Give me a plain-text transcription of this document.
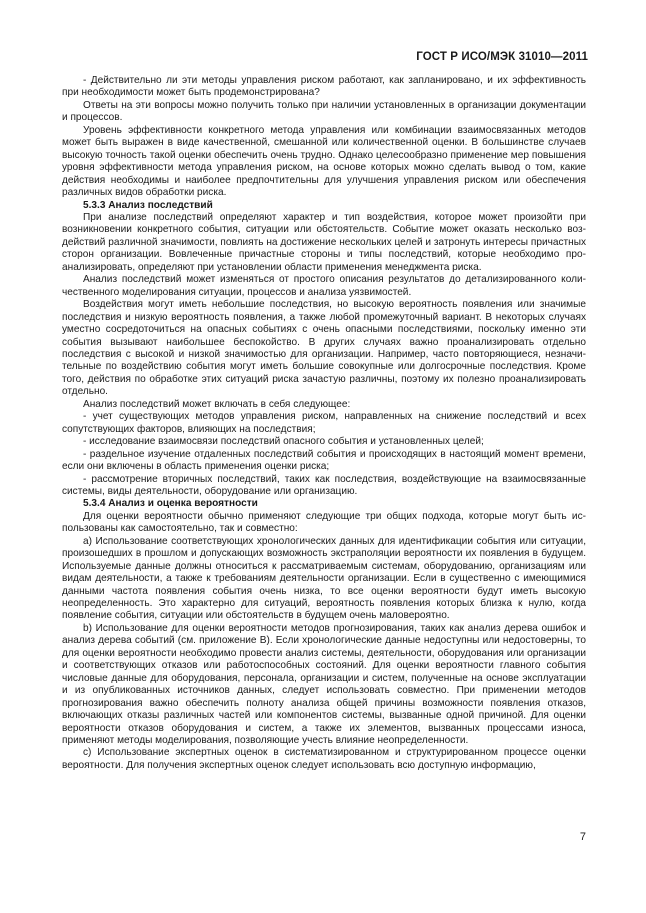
ГОСТ Р ИСО/МЭК 31010—2011

- Действительно ли эти методы управления риском работают, как запланировано, и их эффективность при необходимости может быть продемонстрирована?

Ответы на эти вопросы можно получить только при наличии установленных в организации документации и процессов.

Уровень эффективности конкретного метода управления или комбинации взаимосвязанных методов может быть выражен в виде качественной, смешанной или количественной оценки. В большинстве случаев высокую точность такой оценки обеспечить очень трудно. Однако целесообразно применение мер повышения уровня эффективности метода управления риском, на основе которых можно сделать вывод о том, какие действия необходимы и наиболее предпочтительны для улучшения управления риском или обеспечения различных видов обработки риска.

5.3.3 Анализ последствий

При анализе последствий определяют характер и тип воздействия, которое может произойти при возникновении конкретного события, ситуации или обстоятельств. Событие может оказать несколько воздействий различной значимости, повлиять на достижение нескольких целей и затронуть интересы причастных сторон организации. Вовлеченные причастные стороны и типы последствий, которые необходимо проанализировать, определяют при установлении области применения менеджмента риска.

Анализ последствий может изменяться от простого описания результатов до детализированного количественного моделирования ситуации, процессов и анализа уязвимостей.

Воздействия могут иметь небольшие последствия, но высокую вероятность появления или значимые последствия и низкую вероятность появления, а также любой промежуточный вариант. В некоторых случаях уместно сосредоточиться на опасных событиях с очень опасными последствиями, поскольку именно эти события вызывают наибольшее беспокойство. В других случаях важно проанализировать отдельно последствия с высокой и низкой значимостью для организации. Например, часто повторяющиеся, незначительные по воздействию события могут иметь большие совокупные или долгосрочные последствия. Кроме того, действия по обработке этих ситуаций риска зачастую различны, поэтому их полезно проанализировать отдельно.

Анализ последствий может включать в себя следующее:

- учет существующих методов управления риском, направленных на снижение последствий и всех сопутствующих факторов, влияющих на последствия;

- исследование взаимосвязи последствий опасного события и установленных целей;

- раздельное изучение отдаленных последствий события и происходящих в настоящий момент времени, если они включены в область применения оценки риска;

- рассмотрение вторичных последствий, таких как последствия, воздействующие на взаимосвязанные системы, виды деятельности, оборудование или организацию.

5.3.4 Анализ и оценка вероятности

Для оценки вероятности обычно применяют следующие три общих подхода, которые могут быть использованы как самостоятельно, так и совместно:

a) Использование соответствующих хронологических данных для идентификации события или ситуации, произошедших в прошлом и допускающих возможность экстраполяции вероятности их появления в будущем. Используемые данные должны относиться к рассматриваемым системам, оборудованию, организациям или видам деятельности, а также к требованиям деятельности организации. Если в существенно с имеющимися данными частота появления события очень низка, то все оценки вероятности будут иметь высокую неопределенность. Это характерно для ситуаций, вероятность появления которых близка к нулю, когда появление события, ситуации или обстоятельств в будущем очень маловероятно.

b) Использование для оценки вероятности методов прогнозирования, таких как анализ дерева ошибок и анализ дерева событий (см. приложение В). Если хронологические данные недоступны или недостоверны, то для оценки вероятности необходимо провести анализ системы, деятельности, оборудования или организации и соответствующих отказов или работоспособных состояний. Для оценки вероятности главного события числовые данные для оборудования, персонала, организации и систем, полученные на основе эксплуатации и из опубликованных источников данных, следует использовать совместно. При применении методов прогнозирования важно обеспечить полноту анализа общей причины возможности появления отказов, включающих отказы различных частей или компонентов системы, вызванные одной причиной. Для оценки вероятности отказов оборудования и систем, а также их элементов, вызванных процессами износа, применяют методы моделирования, позволяющие учесть влияние неопределенности.

c) Использование экспертных оценок в систематизированном и структурированном процессе оценки вероятности. Для получения экспертных оценок следует использовать всю доступную информацию,

7
